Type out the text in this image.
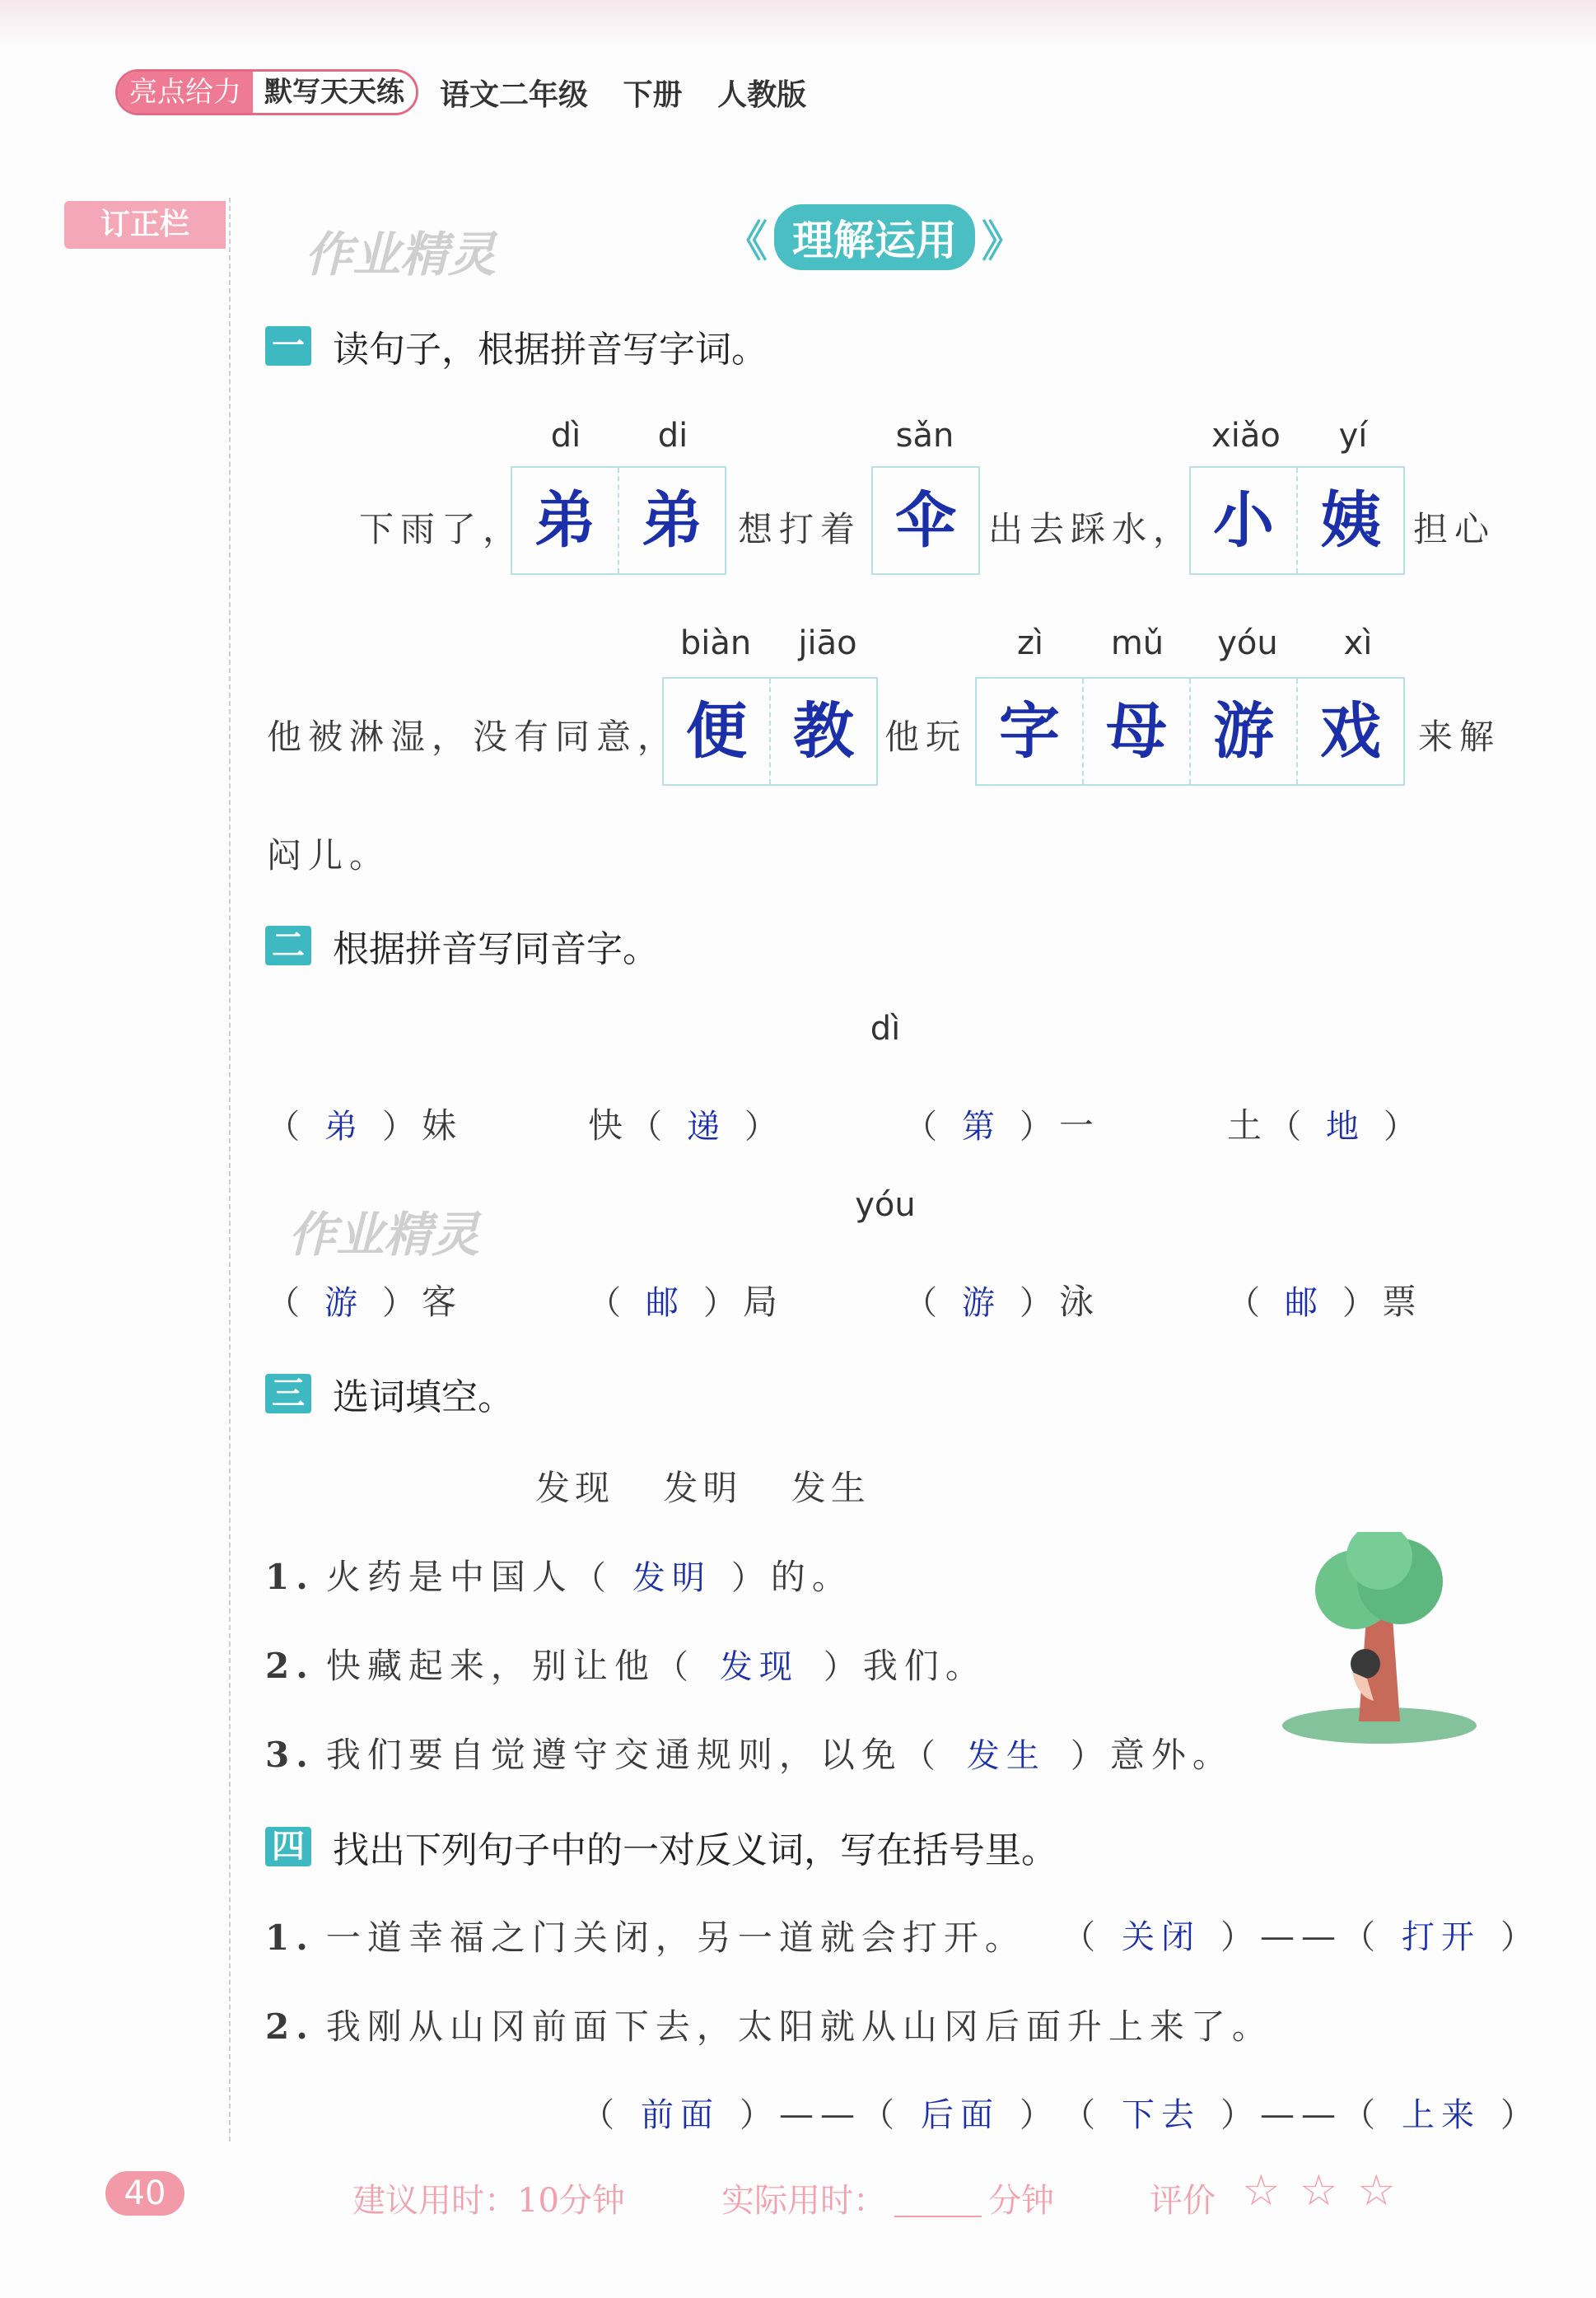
亮点给力 默写天天练	语文二年级 下册 人教版
订正栏
作业精灵
作业精灵
《 理解运用 》
一 读句子，根据拼音写字词。
dì	di	sǎn	xiǎo	yí
下雨了， 弟 弟	想打着 伞 出去踩水， 小 姨 担心
biàn	jiāo	zì	mǔ	yóu	xì
他被淋湿，没有同意， 便 教 他玩 字 母 游 戏	来解
闷儿。
二 根据拼音写同音字。
dì
（ 弟 ）妹	快（ 递 ）	（ 第 ）一	土（ 地 ）
yóu
（ 游 ）客	（ 邮 ）局	（ 游 ）泳	（ 邮 ）票
三 选词填空。
发现 发明 发生
1. 火药是中国人（ 发明 ）的。
2. 快藏起来，别让他（ 发现 ）我们。
3. 我们要自觉遵守交通规则，以免（ 发生 ）意外。
四 找出下列句子中的一对反义词，写在括号里。
1. 一道幸福之门关闭，另一道就会打开。 （ 关闭 ）——（ 打开 ）
2. 我刚从山冈前面下去，太阳就从山冈后面升上来了。
（ 前面 ）——（ 后面 ） （ 下去 ）——（ 上来 ）
40	建议用时：10分钟	实际用时：	分钟	评价 ☆ ☆ ☆
